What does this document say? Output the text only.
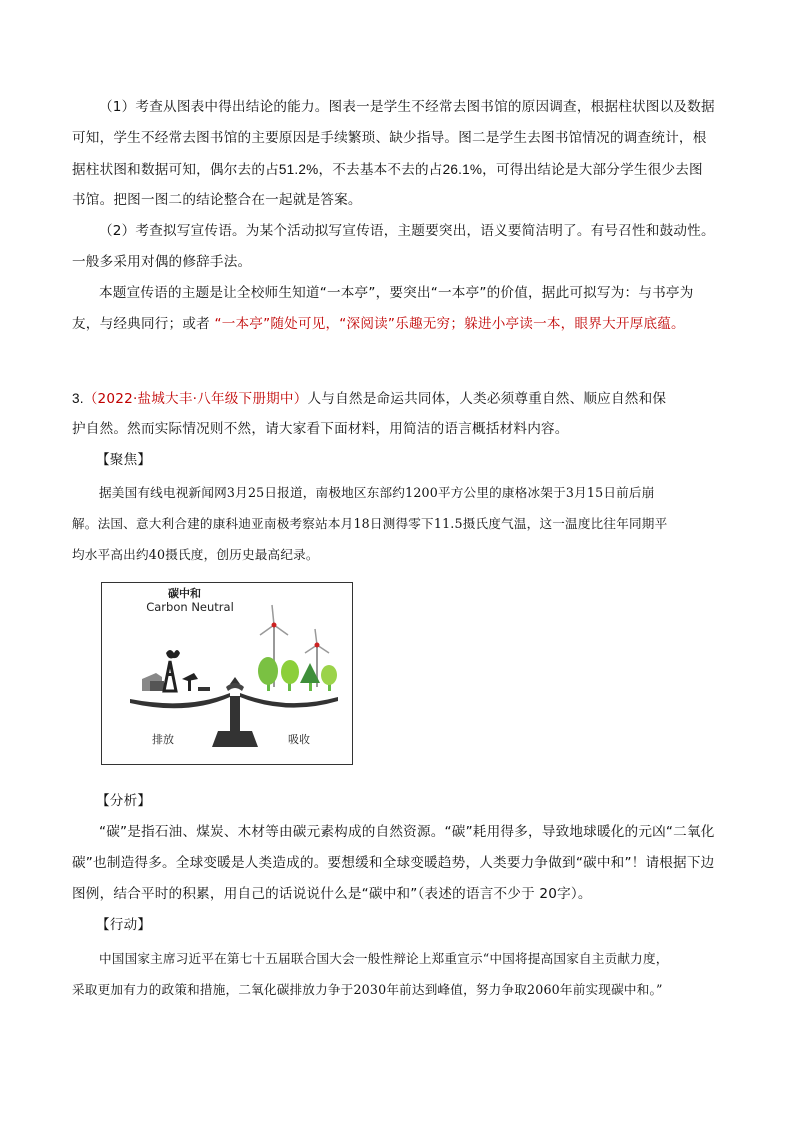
（1）考查从图表中得出结论的能力。图表一是学生不经常去图书馆的原因调查，根据柱状图以及数据

可知，学生不经常去图书馆的主要原因是手续繁琐、缺少指导。图二是学生去图书馆情况的调查统计，根

据柱状图和数据可知，偶尔去的占51.2%，不去基本不去的占26.1%，可得出结论是大部分学生很少去图

书馆。把图一图二的结论整合在一起就是答案。

（2）考查拟写宣传语。为某个活动拟写宣传语，主题要突出，语义要简洁明了。有号召性和鼓动性。

一般多采用对偶的修辞手法。

本题宣传语的主题是让全校师生知道“一本亭”，要突出“一本亭”的价值，据此可拟写为：与书亭为

友，与经典同行；或者 “一本亭”随处可见，“深阅读”乐趣无穷；躲进小亭读一本，眼界大开厚底蕴。

3.（2022·盐城大丰·八年级下册期中）人与自然是命运共同体，人类必须尊重自然、顺应自然和保

护自然。然而实际情况则不然，请大家看下面材料，用简洁的语言概括材料内容。

【聚焦】

据美国有线电视新闻网3月25日报道，南极地区东部约1200平方公里的康格冰架于3月15日前后崩

解。法国、意大利合建的康科迪亚南极考察站本月18日测得零下11.5摄氏度气温，这一温度比往年同期平

均水平高出约40摄氏度，创历史最高纪录。

碳中和
Carbon Neutral
排放	吸收

【分析】

“碳”是指石油、煤炭、木材等由碳元素构成的自然资源。“碳”耗用得多，导致地球暖化的元凶“二氧化

碳”也制造得多。全球变暖是人类造成的。要想缓和全球变暖趋势，人类要力争做到“碳中和”！请根据下边

图例，结合平时的积累，用自己的话说说什么是“碳中和”（表述的语言不少于 20字）。

【行动】

中国国家主席习近平在第七十五届联合国大会一般性辩论上郑重宣示“中国将提高国家自主贡献力度，

采取更加有力的政策和措施，二氧化碳排放力争于2030年前达到峰值，努力争取2060年前实现碳中和。”
